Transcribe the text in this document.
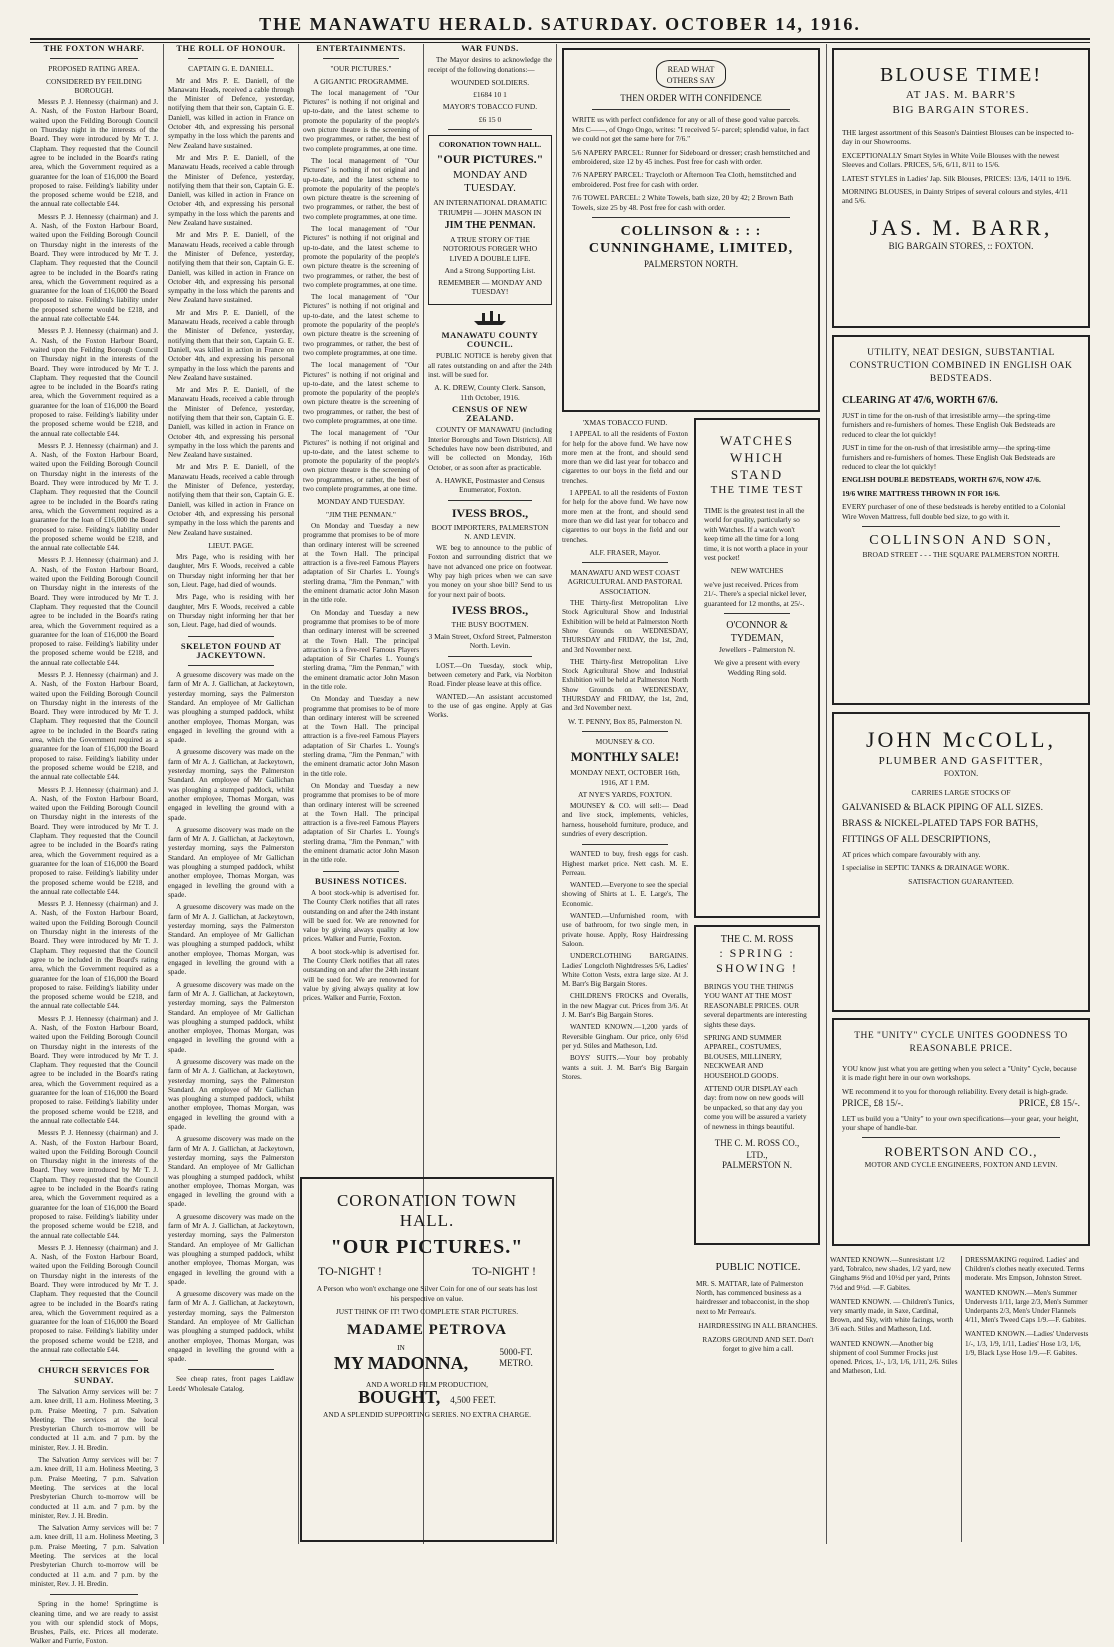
THE MANAWATU HERALD. SATURDAY. OCTOBER 14, 1916.

THE FOXTON WHARF.

PROPOSED RATING AREA.

CONSIDERED BY FEILDING BOROUGH.

Messrs P. J. Hennessy (chairman) and J. A. Nash, of the Foxton Harbour Board, waited upon the Feilding Borough Council on Thursday night in the interests of the Board. They were introduced by Mr T. J. Clapham. They requested that the Council agree to be included in the Board's rating area, which the Government required as a guarantee for the loan of £16,000 the Board proposed to raise. Feilding's liability under the proposed scheme would be £218, and the annual rate collectable £44.

Messrs P. J. Hennessy (chairman) and J. A. Nash, of the Foxton Harbour Board, waited upon the Feilding Borough Council on Thursday night in the interests of the Board. They were introduced by Mr T. J. Clapham. They requested that the Council agree to be included in the Board's rating area, which the Government required as a guarantee for the loan of £16,000 the Board proposed to raise. Feilding's liability under the proposed scheme would be £218, and the annual rate collectable £44.

Messrs P. J. Hennessy (chairman) and J. A. Nash, of the Foxton Harbour Board, waited upon the Feilding Borough Council on Thursday night in the interests of the Board. They were introduced by Mr T. J. Clapham. They requested that the Council agree to be included in the Board's rating area, which the Government required as a guarantee for the loan of £16,000 the Board proposed to raise. Feilding's liability under the proposed scheme would be £218, and the annual rate collectable £44.

Messrs P. J. Hennessy (chairman) and J. A. Nash, of the Foxton Harbour Board, waited upon the Feilding Borough Council on Thursday night in the interests of the Board. They were introduced by Mr T. J. Clapham. They requested that the Council agree to be included in the Board's rating area, which the Government required as a guarantee for the loan of £16,000 the Board proposed to raise. Feilding's liability under the proposed scheme would be £218, and the annual rate collectable £44.

Messrs P. J. Hennessy (chairman) and J. A. Nash, of the Foxton Harbour Board, waited upon the Feilding Borough Council on Thursday night in the interests of the Board. They were introduced by Mr T. J. Clapham. They requested that the Council agree to be included in the Board's rating area, which the Government required as a guarantee for the loan of £16,000 the Board proposed to raise. Feilding's liability under the proposed scheme would be £218, and the annual rate collectable £44.

Messrs P. J. Hennessy (chairman) and J. A. Nash, of the Foxton Harbour Board, waited upon the Feilding Borough Council on Thursday night in the interests of the Board. They were introduced by Mr T. J. Clapham. They requested that the Council agree to be included in the Board's rating area, which the Government required as a guarantee for the loan of £16,000 the Board proposed to raise. Feilding's liability under the proposed scheme would be £218, and the annual rate collectable £44.

Messrs P. J. Hennessy (chairman) and J. A. Nash, of the Foxton Harbour Board, waited upon the Feilding Borough Council on Thursday night in the interests of the Board. They were introduced by Mr T. J. Clapham. They requested that the Council agree to be included in the Board's rating area, which the Government required as a guarantee for the loan of £16,000 the Board proposed to raise. Feilding's liability under the proposed scheme would be £218, and the annual rate collectable £44.

Messrs P. J. Hennessy (chairman) and J. A. Nash, of the Foxton Harbour Board, waited upon the Feilding Borough Council on Thursday night in the interests of the Board. They were introduced by Mr T. J. Clapham. They requested that the Council agree to be included in the Board's rating area, which the Government required as a guarantee for the loan of £16,000 the Board proposed to raise. Feilding's liability under the proposed scheme would be £218, and the annual rate collectable £44.

Messrs P. J. Hennessy (chairman) and J. A. Nash, of the Foxton Harbour Board, waited upon the Feilding Borough Council on Thursday night in the interests of the Board. They were introduced by Mr T. J. Clapham. They requested that the Council agree to be included in the Board's rating area, which the Government required as a guarantee for the loan of £16,000 the Board proposed to raise. Feilding's liability under the proposed scheme would be £218, and the annual rate collectable £44.

Messrs P. J. Hennessy (chairman) and J. A. Nash, of the Foxton Harbour Board, waited upon the Feilding Borough Council on Thursday night in the interests of the Board. They were introduced by Mr T. J. Clapham. They requested that the Council agree to be included in the Board's rating area, which the Government required as a guarantee for the loan of £16,000 the Board proposed to raise. Feilding's liability under the proposed scheme would be £218, and the annual rate collectable £44.

Messrs P. J. Hennessy (chairman) and J. A. Nash, of the Foxton Harbour Board, waited upon the Feilding Borough Council on Thursday night in the interests of the Board. They were introduced by Mr T. J. Clapham. They requested that the Council agree to be included in the Board's rating area, which the Government required as a guarantee for the loan of £16,000 the Board proposed to raise. Feilding's liability under the proposed scheme would be £218, and the annual rate collectable £44.

CHURCH SERVICES FOR SUNDAY.

The Salvation Army services will be: 7 a.m. knee drill, 11 a.m. Holiness Meeting, 3 p.m. Praise Meeting, 7 p.m. Salvation Meeting. The services at the local Presbyterian Church to-morrow will be conducted at 11 a.m. and 7 p.m. by the minister, Rev. J. H. Bredin.

The Salvation Army services will be: 7 a.m. knee drill, 11 a.m. Holiness Meeting, 3 p.m. Praise Meeting, 7 p.m. Salvation Meeting. The services at the local Presbyterian Church to-morrow will be conducted at 11 a.m. and 7 p.m. by the minister, Rev. J. H. Bredin.

The Salvation Army services will be: 7 a.m. knee drill, 11 a.m. Holiness Meeting, 3 p.m. Praise Meeting, 7 p.m. Salvation Meeting. The services at the local Presbyterian Church to-morrow will be conducted at 11 a.m. and 7 p.m. by the minister, Rev. J. H. Bredin.

Spring in the home! Springtime is cleaning time, and we are ready to assist you with our splendid stock of Mops, Brushes, Pails, etc. Prices all moderate. Walker and Furrie, Foxton.

THE ROLL OF HONOUR.

CAPTAIN G. E. DANIELL.

Mr and Mrs P. E. Daniell, of the Manawatu Heads, received a cable through the Minister of Defence, yesterday, notifying them that their son, Captain G. E. Daniell, was killed in action in France on October 4th, and expressing his personal sympathy in the loss which the parents and New Zealand have sustained.

Mr and Mrs P. E. Daniell, of the Manawatu Heads, received a cable through the Minister of Defence, yesterday, notifying them that their son, Captain G. E. Daniell, was killed in action in France on October 4th, and expressing his personal sympathy in the loss which the parents and New Zealand have sustained.

Mr and Mrs P. E. Daniell, of the Manawatu Heads, received a cable through the Minister of Defence, yesterday, notifying them that their son, Captain G. E. Daniell, was killed in action in France on October 4th, and expressing his personal sympathy in the loss which the parents and New Zealand have sustained.

Mr and Mrs P. E. Daniell, of the Manawatu Heads, received a cable through the Minister of Defence, yesterday, notifying them that their son, Captain G. E. Daniell, was killed in action in France on October 4th, and expressing his personal sympathy in the loss which the parents and New Zealand have sustained.

Mr and Mrs P. E. Daniell, of the Manawatu Heads, received a cable through the Minister of Defence, yesterday, notifying them that their son, Captain G. E. Daniell, was killed in action in France on October 4th, and expressing his personal sympathy in the loss which the parents and New Zealand have sustained.

Mr and Mrs P. E. Daniell, of the Manawatu Heads, received a cable through the Minister of Defence, yesterday, notifying them that their son, Captain G. E. Daniell, was killed in action in France on October 4th, and expressing his personal sympathy in the loss which the parents and New Zealand have sustained.

LIEUT. PAGE.

Mrs Page, who is residing with her daughter, Mrs F. Woods, received a cable on Thursday night informing her that her son, Lieut. Page, had died of wounds.

Mrs Page, who is residing with her daughter, Mrs F. Woods, received a cable on Thursday night informing her that her son, Lieut. Page, had died of wounds.

SKELETON FOUND AT JACKEYTOWN.

A gruesome discovery was made on the farm of Mr A. J. Gallichan, at Jackeytown, yesterday morning, says the Palmerston Standard. An employee of Mr Gallichan was ploughing a stumped paddock, whilst another employee, Thomas Morgan, was engaged in levelling the ground with a spade.

A gruesome discovery was made on the farm of Mr A. J. Gallichan, at Jackeytown, yesterday morning, says the Palmerston Standard. An employee of Mr Gallichan was ploughing a stumped paddock, whilst another employee, Thomas Morgan, was engaged in levelling the ground with a spade.

A gruesome discovery was made on the farm of Mr A. J. Gallichan, at Jackeytown, yesterday morning, says the Palmerston Standard. An employee of Mr Gallichan was ploughing a stumped paddock, whilst another employee, Thomas Morgan, was engaged in levelling the ground with a spade.

A gruesome discovery was made on the farm of Mr A. J. Gallichan, at Jackeytown, yesterday morning, says the Palmerston Standard. An employee of Mr Gallichan was ploughing a stumped paddock, whilst another employee, Thomas Morgan, was engaged in levelling the ground with a spade.

A gruesome discovery was made on the farm of Mr A. J. Gallichan, at Jackeytown, yesterday morning, says the Palmerston Standard. An employee of Mr Gallichan was ploughing a stumped paddock, whilst another employee, Thomas Morgan, was engaged in levelling the ground with a spade.

A gruesome discovery was made on the farm of Mr A. J. Gallichan, at Jackeytown, yesterday morning, says the Palmerston Standard. An employee of Mr Gallichan was ploughing a stumped paddock, whilst another employee, Thomas Morgan, was engaged in levelling the ground with a spade.

A gruesome discovery was made on the farm of Mr A. J. Gallichan, at Jackeytown, yesterday morning, says the Palmerston Standard. An employee of Mr Gallichan was ploughing a stumped paddock, whilst another employee, Thomas Morgan, was engaged in levelling the ground with a spade.

A gruesome discovery was made on the farm of Mr A. J. Gallichan, at Jackeytown, yesterday morning, says the Palmerston Standard. An employee of Mr Gallichan was ploughing a stumped paddock, whilst another employee, Thomas Morgan, was engaged in levelling the ground with a spade.

A gruesome discovery was made on the farm of Mr A. J. Gallichan, at Jackeytown, yesterday morning, says the Palmerston Standard. An employee of Mr Gallichan was ploughing a stumped paddock, whilst another employee, Thomas Morgan, was engaged in levelling the ground with a spade.

See cheap rates, front pages Laidlaw Leeds' Wholesale Catalog.

ENTERTAINMENTS.

"OUR PICTURES."

A GIGANTIC PROGRAMME.

The local management of "Our Pictures" is nothing if not original and up-to-date, and the latest scheme to promote the popularity of the people's own picture theatre is the screening of two programmes, or rather, the best of two complete programmes, at one time.

The local management of "Our Pictures" is nothing if not original and up-to-date, and the latest scheme to promote the popularity of the people's own picture theatre is the screening of two programmes, or rather, the best of two complete programmes, at one time.

The local management of "Our Pictures" is nothing if not original and up-to-date, and the latest scheme to promote the popularity of the people's own picture theatre is the screening of two programmes, or rather, the best of two complete programmes, at one time.

The local management of "Our Pictures" is nothing if not original and up-to-date, and the latest scheme to promote the popularity of the people's own picture theatre is the screening of two programmes, or rather, the best of two complete programmes, at one time.

The local management of "Our Pictures" is nothing if not original and up-to-date, and the latest scheme to promote the popularity of the people's own picture theatre is the screening of two programmes, or rather, the best of two complete programmes, at one time.

The local management of "Our Pictures" is nothing if not original and up-to-date, and the latest scheme to promote the popularity of the people's own picture theatre is the screening of two programmes, or rather, the best of two complete programmes, at one time.

MONDAY AND TUESDAY.

"JIM THE PENMAN."

On Monday and Tuesday a new programme that promises to be of more than ordinary interest will be screened at the Town Hall. The principal attraction is a five-reel Famous Players adaptation of Sir Charles L. Young's sterling drama, "Jim the Penman," with the eminent dramatic actor John Mason in the title role.

On Monday and Tuesday a new programme that promises to be of more than ordinary interest will be screened at the Town Hall. The principal attraction is a five-reel Famous Players adaptation of Sir Charles L. Young's sterling drama, "Jim the Penman," with the eminent dramatic actor John Mason in the title role.

On Monday and Tuesday a new programme that promises to be of more than ordinary interest will be screened at the Town Hall. The principal attraction is a five-reel Famous Players adaptation of Sir Charles L. Young's sterling drama, "Jim the Penman," with the eminent dramatic actor John Mason in the title role.

On Monday and Tuesday a new programme that promises to be of more than ordinary interest will be screened at the Town Hall. The principal attraction is a five-reel Famous Players adaptation of Sir Charles L. Young's sterling drama, "Jim the Penman," with the eminent dramatic actor John Mason in the title role.

BUSINESS NOTICES.

A boot stock-whip is advertised for. The County Clerk notifies that all rates outstanding on and after the 24th instant will be sued for. We are renowned for value by giving always quality at low prices. Walker and Furrie, Foxton.

A boot stock-whip is advertised for. The County Clerk notifies that all rates outstanding on and after the 24th instant will be sued for. We are renowned for value by giving always quality at low prices. Walker and Furrie, Foxton.

WAR FUNDS.

The Mayor desires to acknowledge the receipt of the following donations:—

WOUNDED SOLDIERS.

£1684 10 1

MAYOR'S TOBACCO FUND.

£6 15 0

CORONATION TOWN HALL.

"OUR PICTURES."

MONDAY AND TUESDAY.

AN INTERNATIONAL DRAMATIC TRIUMPH — JOHN MASON IN

JIM THE PENMAN.

A TRUE STORY OF THE NOTORIOUS FORGER WHO LIVED A DOUBLE LIFE.

And a Strong Supporting List.

REMEMBER — MONDAY AND TUESDAY!

MANAWATU COUNTY COUNCIL.

PUBLIC NOTICE is hereby given that all rates outstanding on and after the 24th inst. will be sued for.

A. K. DREW, County Clerk. Sanson, 11th October, 1916.

CENSUS OF NEW ZEALAND.

COUNTY OF MANAWATU (including Interior Boroughs and Town Districts). All Schedules have now been distributed, and will be collected on Monday, 16th October, or as soon after as practicable.

A. HAWKE, Postmaster and Census Enumerator, Foxton.

IVESS BROS.,

BOOT IMPORTERS, PALMERSTON N. AND LEVIN.

WE beg to announce to the public of Foxton and surrounding district that we have not advanced one price on footwear. Why pay high prices when we can save you money on your shoe bill? Send to us for your next pair of boots.

IVESS BROS.,

THE BUSY BOOTMEN.

3 Main Street, Oxford Street, Palmerston North. Levin.

LOST.—On Tuesday, stock whip, between cemetery and Park, via Norbiton Road. Finder please leave at this office.

WANTED.—An assistant accustomed to the use of gas engine. Apply at Gas Works.

CORONATION TOWN HALL.
"OUR PICTURES."
TO-NIGHT !	TO-NIGHT !

A Person who won't exchange one Silver Coin for one of our seats has lost his perspective on value.

JUST THINK OF IT! TWO COMPLETE STAR PICTURES.

MADAME PETROVA
IN
MY MADONNA,
5000-FT. METRO.

AND A WORLD FILM PRODUCTION,

BOUGHT, 4,500 FEET.

AND A SPLENDID SUPPORTING SERIES. NO EXTRA CHARGE.

READ WHAT OTHERS SAY
THEN ORDER WITH CONFIDENCE

WRITE us with perfect confidence for any or all of these good value parcels. Mrs C——, of Ongo Ongo, writes: "I received 5/- parcel; splendid value, in fact we could not get the same here for 7/6."

5/6 NAPERY PARCEL: Runner for Sideboard or dresser; crash hemstitched and embroidered, size 12 by 45 inches. Post free for cash with order.

7/6 NAPERY PARCEL: Traycloth or Afternoon Tea Cloth, hemstitched and embroidered. Post free for cash with order.

7/6 TOWEL PARCEL: 2 White Towels, bath size, 20 by 42; 2 Brown Bath Towels, size 25 by 48. Post free for cash with order.

COLLINSON & : : :
CUNNINGHAME, LIMITED,
PALMERSTON NORTH.

'XMAS TOBACCO FUND.

I APPEAL to all the residents of Foxton for help for the above fund. We have now more men at the front, and should send more than we did last year for tobacco and cigarettes to our boys in the field and our trenches.

I APPEAL to all the residents of Foxton for help for the above fund. We have now more men at the front, and should send more than we did last year for tobacco and cigarettes to our boys in the field and our trenches.

ALF. FRASER, Mayor.

MANAWATU AND WEST COAST AGRICULTURAL AND PASTORAL ASSOCIATION.

THE Thirty-first Metropolitan Live Stock Agricultural Show and Industrial Exhibition will be held at Palmerston North Show Grounds on WEDNESDAY, THURSDAY and FRIDAY, the 1st, 2nd, and 3rd November next.

THE Thirty-first Metropolitan Live Stock Agricultural Show and Industrial Exhibition will be held at Palmerston North Show Grounds on WEDNESDAY, THURSDAY and FRIDAY, the 1st, 2nd, and 3rd November next.

W. T. PENNY, Box 85, Palmerston N.

MOUNSEY & CO.

MONTHLY SALE!

MONDAY NEXT, OCTOBER 16th, 1916, AT 1 P.M.

AT NYE'S YARDS, FOXTON.

MOUNSEY & CO. will sell:— Dead and live stock, implements, vehicles, harness, household furniture, produce, and sundries of every description.

WANTED to buy, fresh eggs for cash. Highest market price. Nett cash. M. E. Perreau.

WANTED.—Everyone to see the special showing of Shirts at L. E. Large's, The Economic.

WANTED.—Unfurnished room, with use of bathroom, for two single men, in private house. Apply, Rosy Hairdressing Saloon.

UNDERCLOTHING BARGAINS. Ladies' Longcloth Nightdresses 5/6, Ladies' White Cotton Vests, extra large size. At J. M. Barr's Big Bargain Stores.

CHILDREN'S FROCKS and Overalls, in the new Magyar cut. Prices from 3/6. At J. M. Barr's Big Bargain Stores.

WANTED KNOWN.—1,200 yards of Reversible Gingham. Our price, only 6½d per yd. Stiles and Matheson, Ltd.

BOYS' SUITS.—Your boy probably wants a suit. J. M. Barr's Big Bargain Stores.

WATCHES
WHICH STAND
THE TIME TEST

TIME is the greatest test in all the world for quality, particularly so with Watches. If a watch won't keep time all the time for a long time, it is not worth a place in your vest pocket!

NEW WATCHES

we've just received. Prices from 21/-. There's a special nickel lever, guaranteed for 12 months, at 25/-.

O'CONNOR & TYDEMAN,

Jewellers - Palmerston N.

We give a present with every Wedding Ring sold.

THE C. M. ROSS
: SPRING :
SHOWING !

BRINGS YOU THE THINGS YOU WANT AT THE MOST REASONABLE PRICES. OUR several departments are interesting sights these days.

SPRING AND SUMMER APPAREL, COSTUMES, BLOUSES, MILLINERY, NECKWEAR AND HOUSEHOLD GOODS.

ATTEND OUR DISPLAY each day: from now on new goods will be unpacked, so that any day you come you will be assured a variety of newness in things beautiful.

THE C. M. ROSS CO., LTD.,
PALMERSTON N.
PUBLIC NOTICE.

MR. S. MATTAR, late of Palmerston North, has commenced business as a hairdresser and tobacconist, in the shop next to Mr Perreau's.

HAIRDRESSING IN ALL BRANCHES.

RAZORS GROUND AND SET. Don't forget to give him a call.

BLOUSE TIME!
AT JAS. M. BARR'S
BIG BARGAIN STORES.

THE largest assortment of this Season's Daintiest Blouses can be inspected to-day in our Showrooms.

EXCEPTIONALLY Smart Styles in White Voile Blouses with the newest Sleeves and Collars. PRICES, 5/6, 6/11, 8/11 to 15/6.

LATEST STYLES in Ladies' Jap. Silk Blouses, PRICES: 13/6, 14/11 to 19/6.

MORNING BLOUSES, in Dainty Stripes of several colours and styles, 4/11 and 5/6.

JAS. M. BARR,
BIG BARGAIN STORES, :: FOXTON.
UTILITY, NEAT DESIGN, SUBSTANTIAL CONSTRUCTION COMBINED IN ENGLISH OAK BEDSTEADS.
CLEARING AT 47/6, WORTH 67/6.

JUST in time for the on-rush of that irresistible army—the spring-time furnishers and re-furnishers of homes. These English Oak Bedsteads are reduced to clear the lot quickly!

JUST in time for the on-rush of that irresistible army—the spring-time furnishers and re-furnishers of homes. These English Oak Bedsteads are reduced to clear the lot quickly!

ENGLISH DOUBLE BEDSTEADS, WORTH 67/6, NOW 47/6.

19/6 WIRE MATTRESS THROWN IN FOR 16/6.

EVERY purchaser of one of these bedsteads is hereby entitled to a Colonial Wire Woven Mattress, full double bed size, to go with it.

COLLINSON AND SON,
BROAD STREET - - - THE SQUARE PALMERSTON NORTH.
JOHN McCOLL,
PLUMBER AND GASFITTER,
FOXTON.

CARRIES LARGE STOCKS OF

GALVANISED & BLACK PIPING OF ALL SIZES.

BRASS & NICKEL-PLATED TAPS FOR BATHS,

FITTINGS OF ALL DESCRIPTIONS,

AT prices which compare favourably with any.

I specialise in SEPTIC TANKS & DRAINAGE WORK.

SATISFACTION GUARANTEED.

THE "UNITY" CYCLE UNITES GOODNESS TO REASONABLE PRICE.

YOU know just what you are getting when you select a "Unity" Cycle, because it is made right here in our own workshops.

WE recommend it to you for thorough reliability. Every detail is high-grade.

PRICE, £8 15/-.	PRICE, £8 15/-.

LET us build you a "Unity" to your own specifications—your gear, your height, your shape of handle-bar.

ROBERTSON AND CO.,
MOTOR AND CYCLE ENGINEERS, FOXTON AND LEVIN.

WANTED KNOWN.—Sunresistant 1/2 yard, Tobralco, new shades, 1/2 yard, new Ginghams 9½d and 10½d per yard, Prints 7½d and 9½d. —F. Gabites.

WANTED KNOWN. — Children's Tunics, very smartly made, in Saxe, Cardinal, Brown, and Sky, with white facings, worth 3/6 each. Stiles and Matheson, Ltd.

WANTED KNOWN.—Another big shipment of cool Summer Frocks just opened. Prices, 1/-, 1/3, 1/6, 1/11, 2/6. Stiles and Matheson, Ltd.

DRESSMAKING required. Ladies' and Children's clothes neatly executed. Terms moderate. Mrs Empson, Johnston Street.

WANTED KNOWN.—Men's Summer Undervests 1/11, large 2/3, Men's Summer Underpants 2/3, Men's Under Flannels 4/11, Men's Tweed Caps 1/9.—F. Gabites.

WANTED KNOWN.—Ladies' Undervests 1/-, 1/3, 1/9, 1/11, Ladies' Hose 1/3, 1/6, 1/9, Black Lyse Hose 1/9.—F. Gabites.
